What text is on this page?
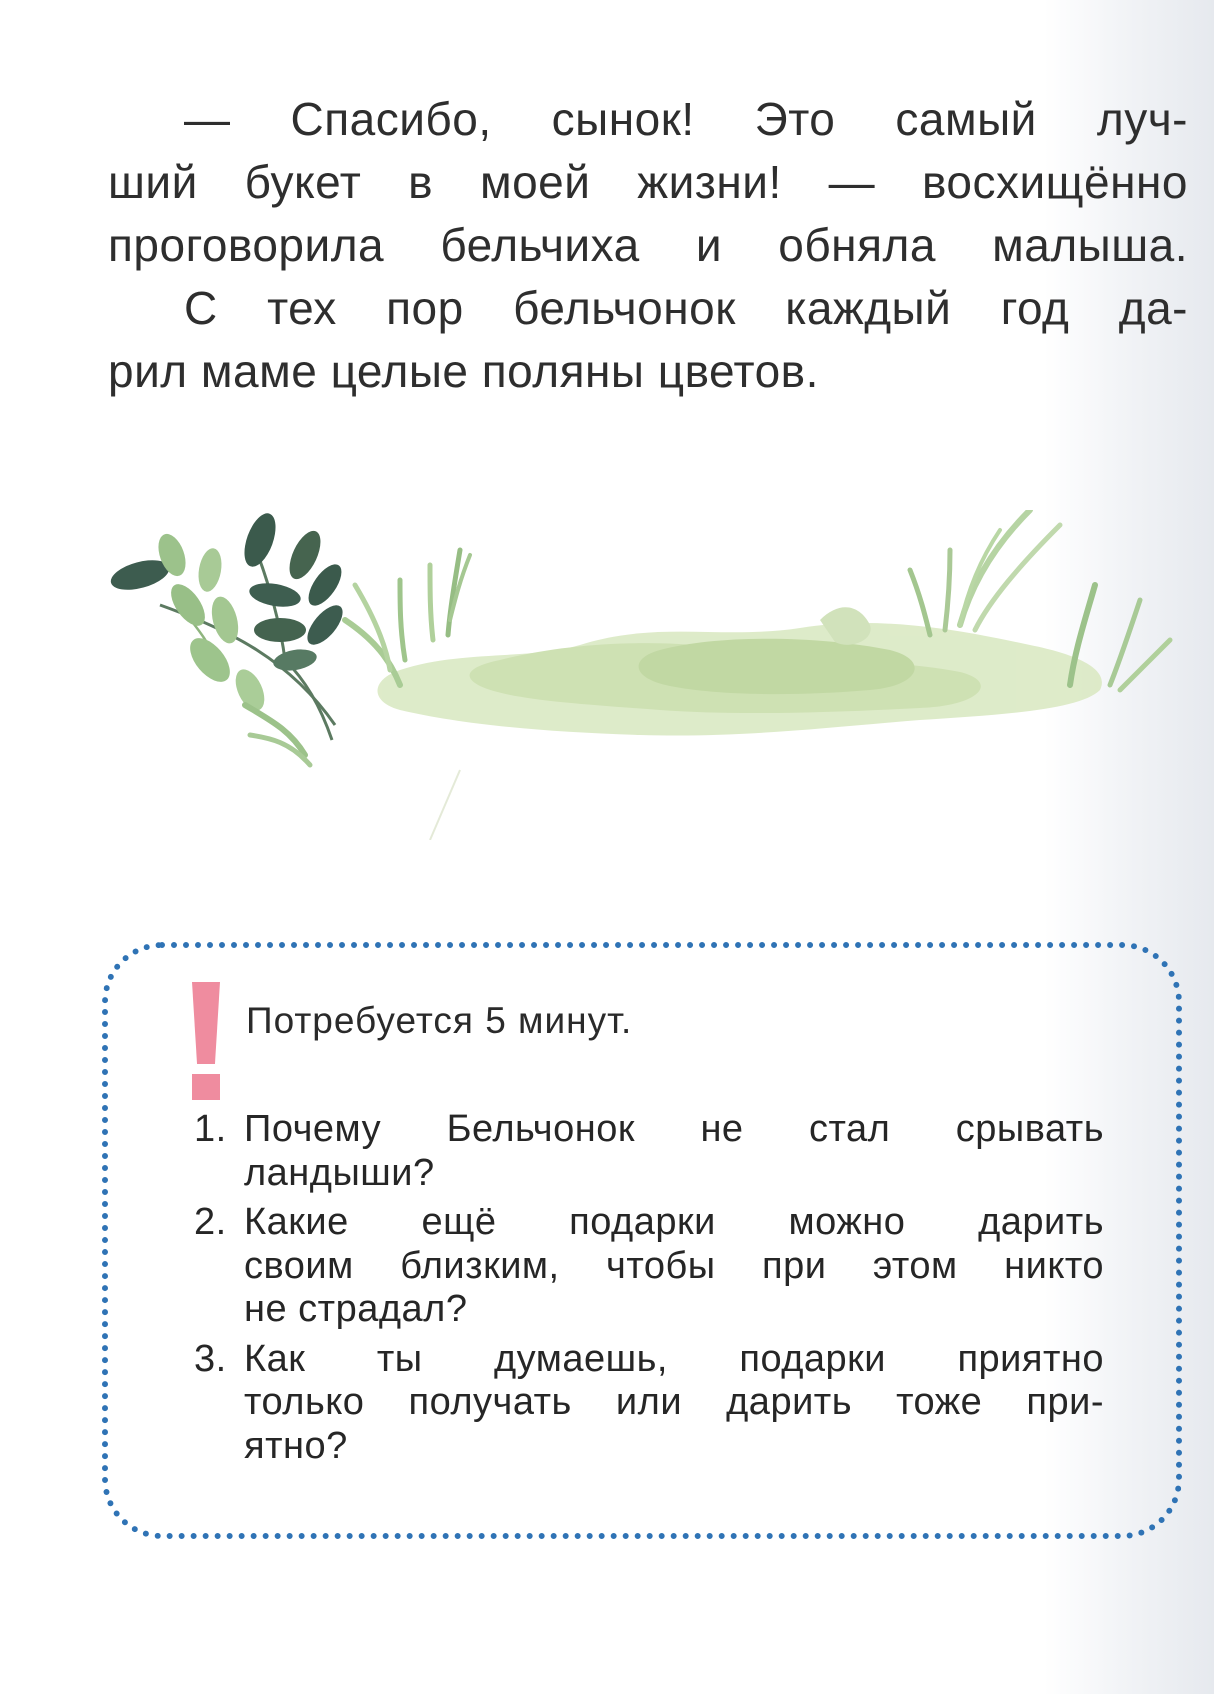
— Спасибо, сынок! Это самый луч-
ший букет в моей жизни! — восхищённо
проговорила бельчиха и обняла малыша.

С тех пор бельчонок каждый год да-
рил маме целые поляны цветов.

Потребуется 5 минут.
1. Почему Бельчонок не стал срывать
ландыши?
2. Какие ещё подарки можно дарить
своим близким, чтобы при этом никто
не страдал?
3. Как ты думаешь, подарки приятно
только получать или дарить тоже при-
ятно?
